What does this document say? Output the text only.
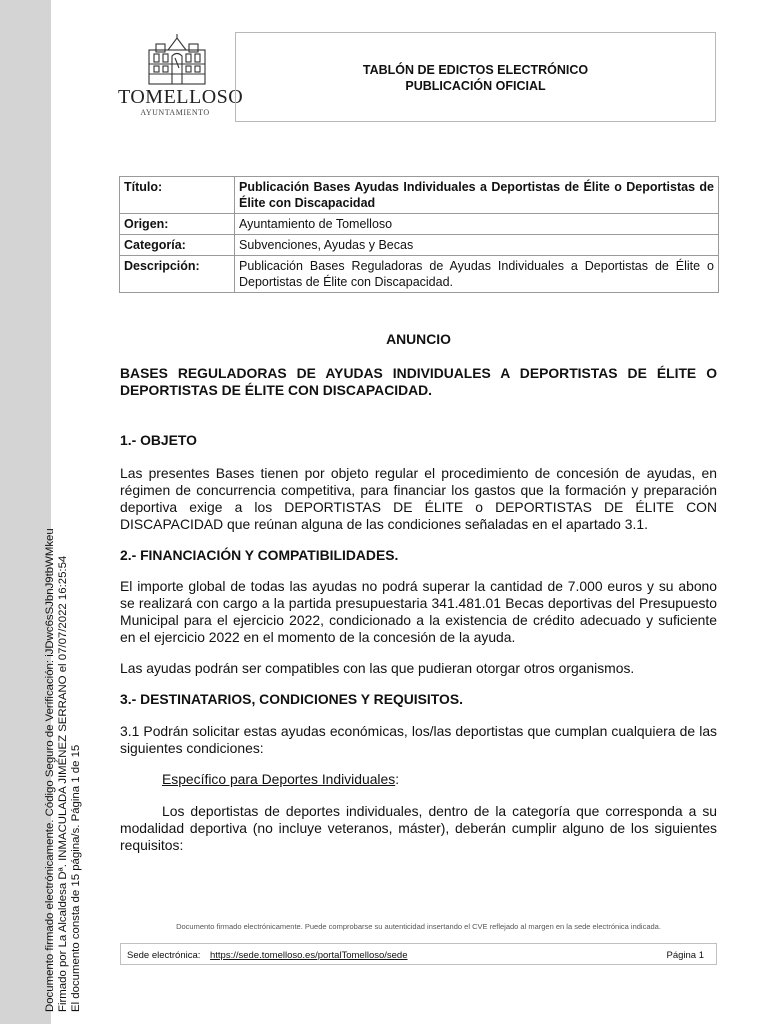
Documento firmado electrónicamente. Código Seguro de Verificación: iJDwc6sSJbnJ9tbWMkeu Firmado por La Alcaldesa Dª. INMACULADA JIMÉNEZ SERRANO el 07/07/2022 16:25:54 El documento consta de 15 página/s. Página 1 de 15
TOMELLOSO
AYUNTAMIENTO
TABLÓN DE EDICTOS ELECTRÓNICO
PUBLICACIÓN OFICIAL
Título:	Publicación Bases Ayudas Individuales a Deportistas de Élite o Deportistas de Élite con Discapacidad
Origen:	Ayuntamiento de Tomelloso
Categoría:	Subvenciones, Ayudas y Becas
Descripción:	Publicación Bases Reguladoras de Ayudas Individuales a Deportistas de Élite o Deportistas de Élite con Discapacidad.
ANUNCIO
BASES REGULADORAS DE AYUDAS INDIVIDUALES A DEPORTISTAS DE ÉLITE O DEPORTISTAS DE ÉLITE CON DISCAPACIDAD.
1.- OBJETO
Las presentes Bases tienen por objeto regular el procedimiento de concesión de ayudas, en régimen de concurrencia competitiva, para financiar los gastos que la formación y preparación deportiva exige a los DEPORTISTAS DE ÉLITE o DEPORTISTAS DE ÉLITE CON DISCAPACIDAD que reúnan alguna de las condiciones señaladas en el apartado 3.1.
2.- FINANCIACIÓN Y COMPATIBILIDADES.
El importe global de todas las ayudas no podrá superar la cantidad de 7.000 euros y su abono se realizará con cargo a la partida presupuestaria 341.481.01 Becas deportivas del Presupuesto Municipal para el ejercicio 2022, condicionado a la existencia de crédito adecuado y suficiente en el ejercicio 2022 en el momento de la concesión de la ayuda.
Las ayudas podrán ser compatibles con las que pudieran otorgar otros organismos.
3.- DESTINATARIOS, CONDICIONES Y REQUISITOS.
3.1 Podrán solicitar estas ayudas económicas, los/las deportistas que cumplan cualquiera de las siguientes condiciones:
Específico para Deportes Individuales:
Los deportistas de deportes individuales, dentro de la categoría que corresponda a su modalidad deportiva (no incluye veteranos, máster), deberán cumplir alguno de los siguientes requisitos:
Documento firmado electrónicamente. Puede comprobarse su autenticidad insertando el CVE reflejado al margen en la sede electrónica indicada.
Sede electrónica: https://sede.tomelloso.es/portalTomelloso/sede	Página 1
